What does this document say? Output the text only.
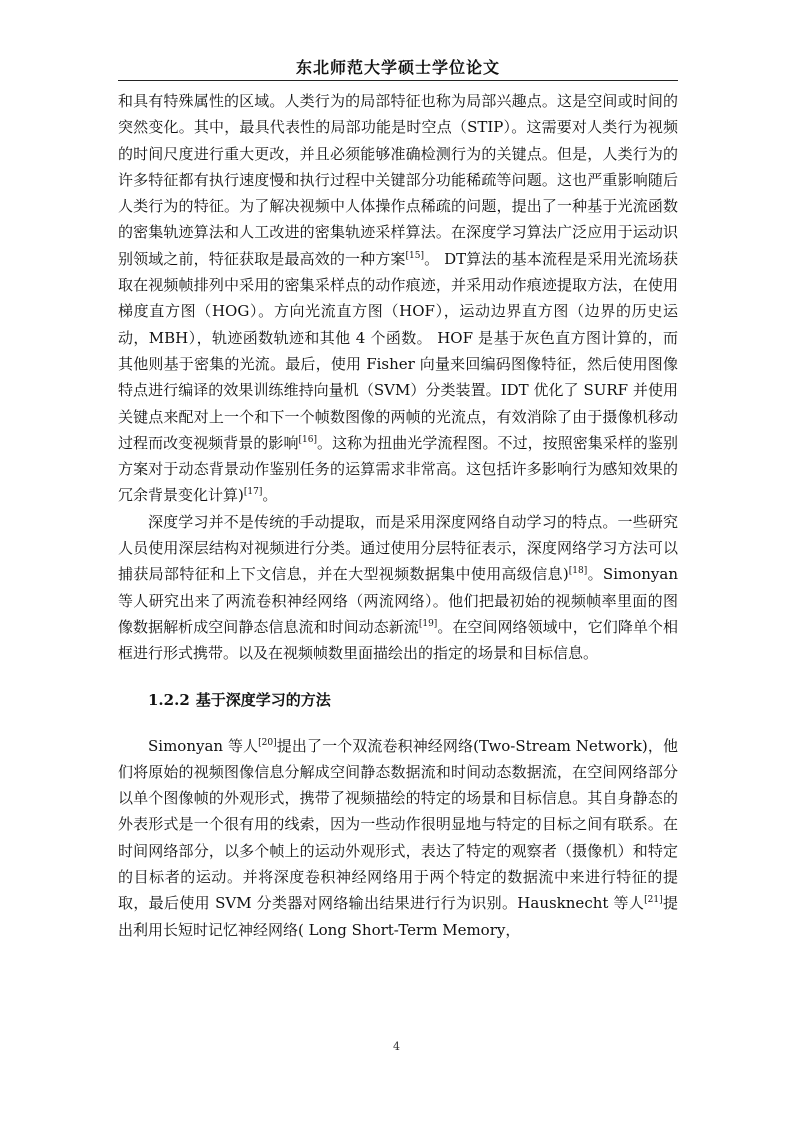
东北师范大学硕士学位论文

和具有特殊属性的区域。人类行为的局部特征也称为局部兴趣点。这是空间或时间的突然变化。其中，最具代表性的局部功能是时空点（STIP）。这需要对人类行为视频的时间尺度进行重大更改，并且必须能够准确检测行为的关键点。但是，人类行为的许多特征都有执行速度慢和执行过程中关键部分功能稀疏等问题。这也严重影响随后人类行为的特征。为了解决视频中人体操作点稀疏的问题，提出了一种基于光流函数的密集轨迹算法和人工改进的密集轨迹采样算法。在深度学习算法广泛应用于运动识别领域之前，特征获取是最高效的一种方案[15]。 DT算法的基本流程是采用光流场获取在视频帧排列中采用的密集采样点的动作痕迹，并采用动作痕迹提取方法，在使用梯度直方图（HOG）。方向光流直方图（HOF），运动边界直方图（边界的历史运动，MBH），轨迹函数轨迹和其他 4 个函数。 HOF 是基于灰色直方图计算的，而其他则基于密集的光流。最后，使用 Fisher 向量来回编码图像特征，然后使用图像特点进行编译的效果训练维持向量机（SVM）分类装置。IDT 优化了 SURF 并使用关键点来配对上一个和下一个帧数图像的两帧的光流点，有效消除了由于摄像机移动过程而改变视频背景的影响[16]。这称为扭曲光学流程图。不过，按照密集采样的鉴别方案对于动态背景动作鉴别任务的运算需求非常高。这包括许多影响行为感知效果的冗余背景变化计算)[17]。

深度学习并不是传统的手动提取，而是采用深度网络自动学习的特点。一些研究人员使用深层结构对视频进行分类。通过使用分层特征表示，深度网络学习方法可以捕获局部特征和上下文信息，并在大型视频数据集中使用高级信息)[18]。Simonyan 等人研究出来了两流卷积神经网络（两流网络）。他们把最初始的视频帧率里面的图像数据解析成空间静态信息流和时间动态新流[19]。在空间网络领域中，它们降单个相框进行形式携带。以及在视频帧数里面描绘出的指定的场景和目标信息。

1.2.2 基于深度学习的方法

Simonyan 等人[20]提出了一个双流卷积神经网络(Two-Stream Network)，他们将原始的视频图像信息分解成空间静态数据流和时间动态数据流，在空间网络部分以单个图像帧的外观形式，携带了视频描绘的特定的场景和目标信息。其自身静态的外表形式是一个很有用的线索，因为一些动作很明显地与特定的目标之间有联系。在时间网络部分，以多个帧上的运动外观形式，表达了特定的观察者（摄像机）和特定的目标者的运动。并将深度卷积神经网络用于两个特定的数据流中来进行特征的提取，最后使用 SVM 分类器对网络输出结果进行行为识别。Hausknecht 等人[21]提出利用长短时记忆神经网络( Long Short-Term Memory，

4
